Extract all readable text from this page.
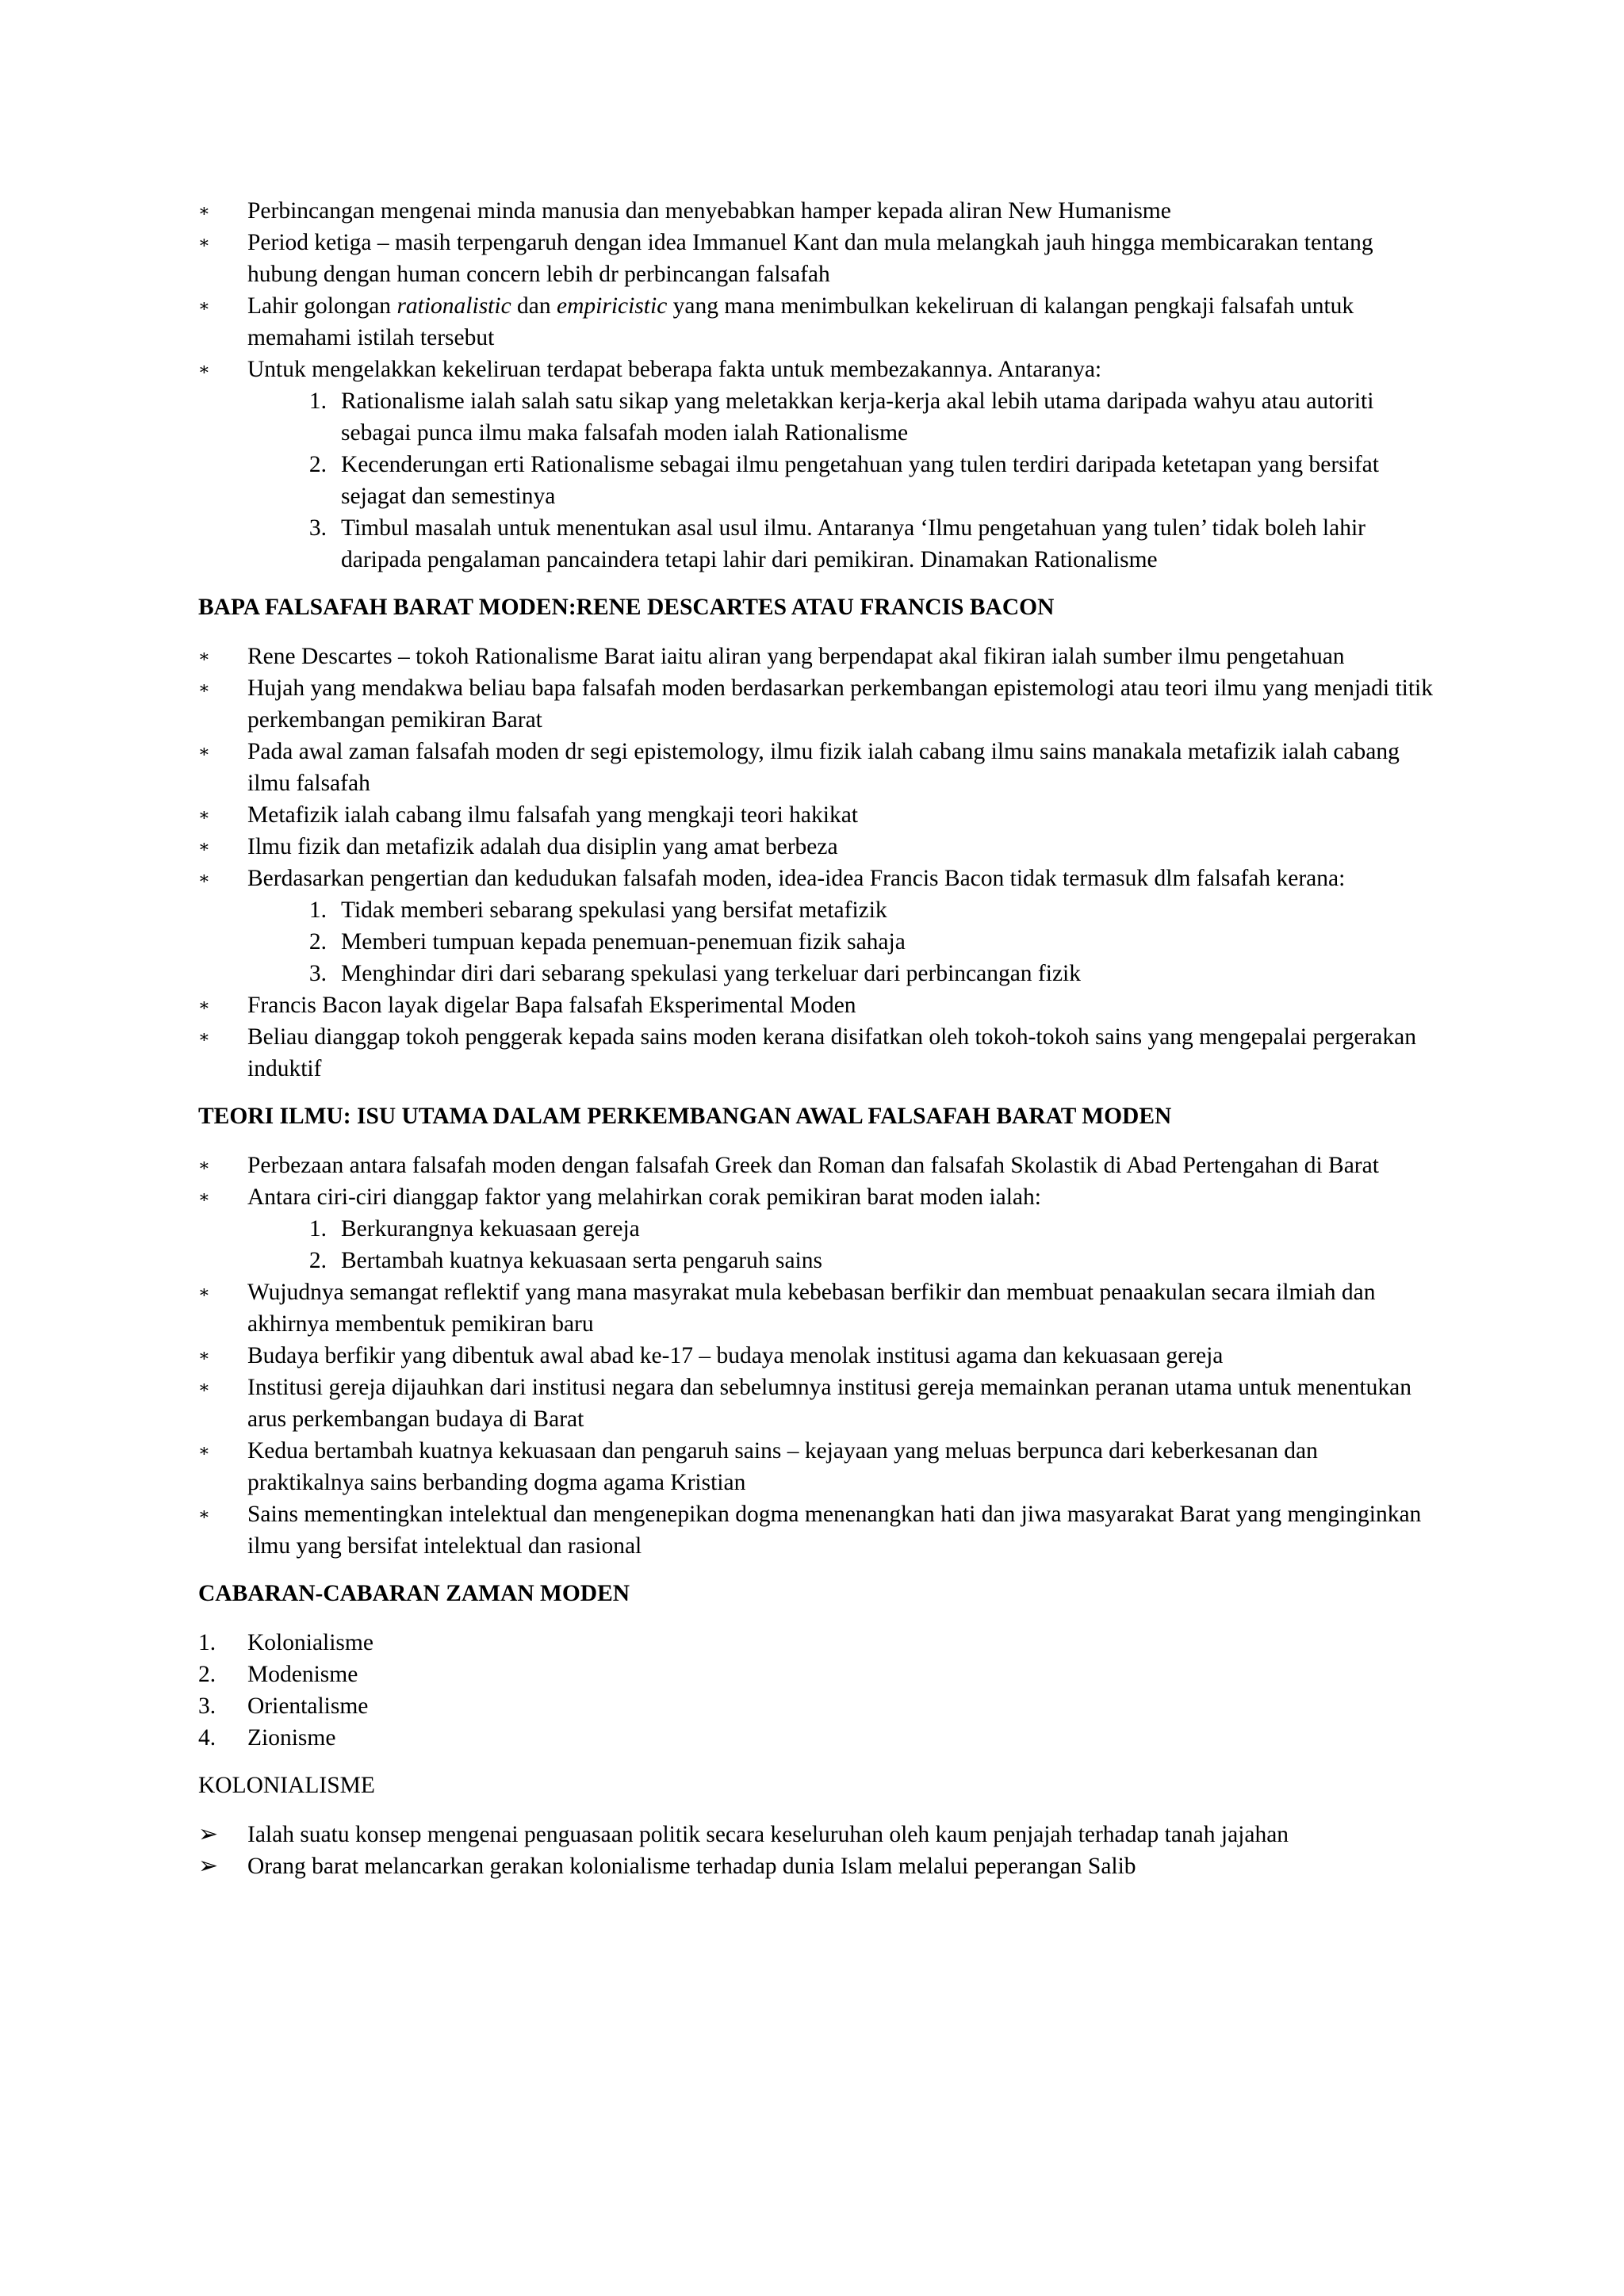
∗	Perbincangan mengenai minda manusia dan menyebabkan hamper kepada aliran New Humanisme
∗	Period ketiga – masih terpengaruh dengan idea Immanuel Kant dan mula melangkah jauh hingga membicarakan tentang hubung dengan human concern lebih dr perbincangan falsafah
∗	Lahir golongan rationalistic dan empiricistic yang mana menimbulkan kekeliruan di kalangan pengkaji falsafah untuk memahami istilah tersebut
∗	Untuk mengelakkan kekeliruan terdapat beberapa fakta untuk membezakannya. Antaranya:
1. Rationalisme ialah salah satu sikap yang meletakkan kerja-kerja akal lebih utama daripada wahyu atau autoriti sebagai punca ilmu maka falsafah moden ialah Rationalisme
2. Kecenderungan erti Rationalisme sebagai ilmu pengetahuan yang tulen terdiri daripada ketetapan yang bersifat sejagat dan semestinya
3. Timbul masalah untuk menentukan asal usul ilmu. Antaranya ‘Ilmu pengetahuan yang tulen’ tidak boleh lahir daripada pengalaman pancaindera tetapi lahir dari pemikiran. Dinamakan Rationalisme
BAPA FALSAFAH BARAT MODEN:RENE DESCARTES ATAU FRANCIS BACON
∗	Rene Descartes – tokoh Rationalisme Barat iaitu aliran yang berpendapat akal fikiran ialah sumber ilmu pengetahuan
∗	Hujah yang mendakwa beliau bapa falsafah moden berdasarkan perkembangan epistemologi atau teori ilmu yang menjadi titik perkembangan pemikiran Barat
∗	Pada awal zaman falsafah moden dr segi epistemology, ilmu fizik ialah cabang ilmu sains manakala metafizik ialah cabang ilmu falsafah
∗	Metafizik ialah cabang ilmu falsafah yang mengkaji teori hakikat
∗	Ilmu fizik dan metafizik adalah dua disiplin yang amat berbeza
∗	Berdasarkan pengertian dan kedudukan falsafah moden, idea-idea Francis Bacon tidak termasuk dlm falsafah kerana:
1. Tidak memberi sebarang spekulasi yang bersifat metafizik
2. Memberi tumpuan kepada penemuan-penemuan fizik sahaja
3. Menghindar diri dari sebarang spekulasi yang terkeluar dari perbincangan fizik
∗	Francis Bacon layak digelar Bapa falsafah Eksperimental Moden
∗	Beliau dianggap tokoh penggerak kepada sains moden kerana disifatkan oleh tokoh-tokoh sains yang mengepalai pergerakan induktif
TEORI ILMU: ISU UTAMA DALAM PERKEMBANGAN AWAL FALSAFAH BARAT MODEN
∗	Perbezaan antara falsafah moden dengan falsafah Greek dan Roman dan falsafah Skolastik di Abad Pertengahan di Barat
∗	Antara ciri-ciri dianggap faktor yang melahirkan corak pemikiran barat moden ialah:
1. Berkurangnya kekuasaan gereja
2. Bertambah kuatnya kekuasaan serta pengaruh sains
∗	Wujudnya semangat reflektif yang mana masyrakat mula kebebasan berfikir dan membuat penaakulan secara ilmiah dan akhirnya membentuk pemikiran baru
∗	Budaya berfikir yang dibentuk awal abad ke-17 – budaya menolak institusi agama dan kekuasaan gereja
∗	Institusi gereja dijauhkan dari institusi negara dan sebelumnya institusi gereja memainkan peranan utama untuk menentukan arus perkembangan budaya di Barat
∗	Kedua bertambah kuatnya kekuasaan dan pengaruh sains – kejayaan yang meluas berpunca dari keberkesanan dan praktikalnya sains berbanding dogma agama Kristian
∗	Sains mementingkan intelektual dan mengenepikan dogma menenangkan hati dan jiwa masyarakat Barat yang menginginkan ilmu yang bersifat intelektual dan rasional
CABARAN-CABARAN ZAMAN MODEN
1.	Kolonialisme
2.	Modenisme
3.	Orientalisme
4.	Zionisme
KOLONIALISME
➢	Ialah suatu konsep mengenai penguasaan politik secara keseluruhan oleh kaum penjajah terhadap tanah jajahan
➢	Orang barat melancarkan gerakan kolonialisme terhadap dunia Islam melalui peperangan Salib
